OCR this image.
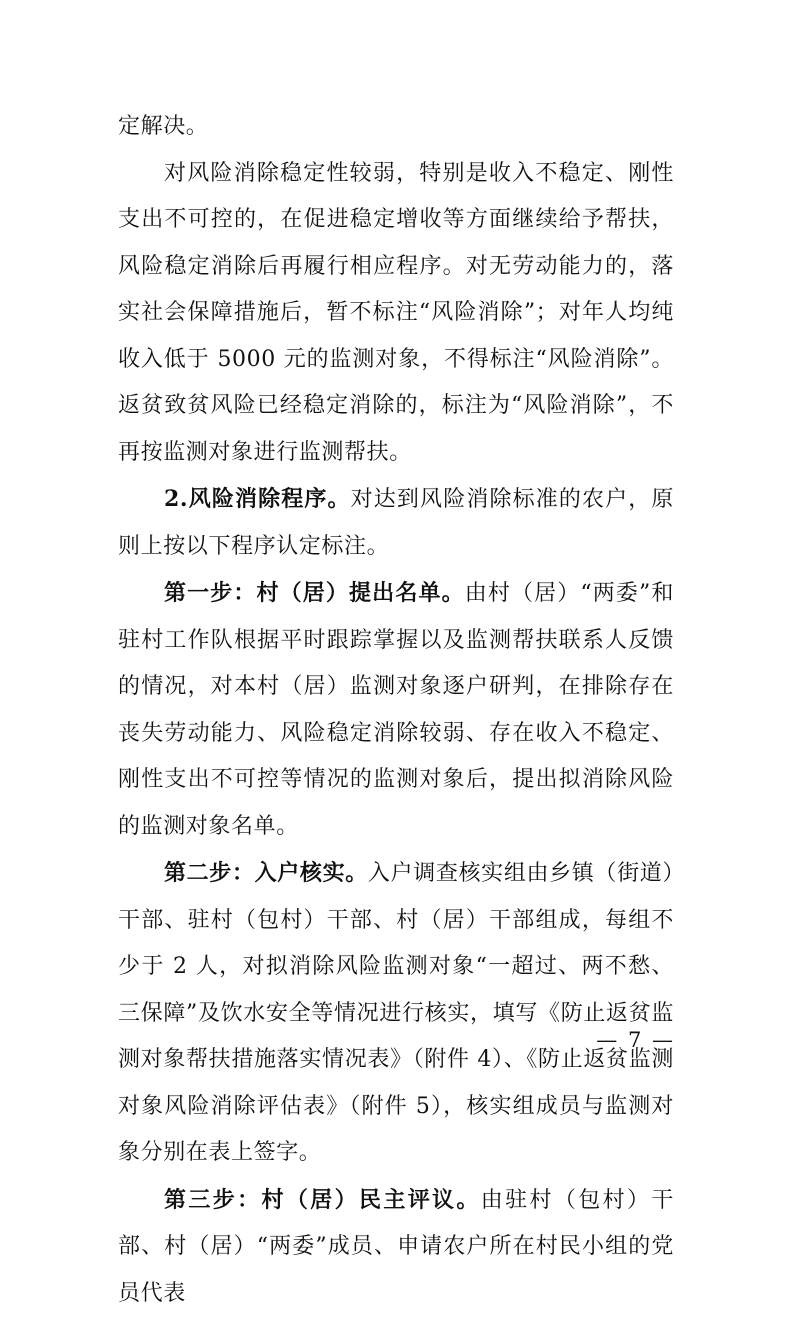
定解决。

对风险消除稳定性较弱，特别是收入不稳定、刚性支出不可控的，在促进稳定增收等方面继续给予帮扶，风险稳定消除后再履行相应程序。对无劳动能力的，落实社会保障措施后，暂不标注“风险消除”；对年人均纯收入低于 5000 元的监测对象，不得标注“风险消除”。返贫致贫风险已经稳定消除的，标注为“风险消除”，不再按监测对象进行监测帮扶。

2.风险消除程序。对达到风险消除标准的农户，原则上按以下程序认定标注。

第一步：村（居）提出名单。由村（居）“两委”和驻村工作队根据平时跟踪掌握以及监测帮扶联系人反馈的情况，对本村（居）监测对象逐户研判，在排除存在丧失劳动能力、风险稳定消除较弱、存在收入不稳定、刚性支出不可控等情况的监测对象后，提出拟消除风险的监测对象名单。

第二步：入户核实。入户调查核实组由乡镇（街道）干部、驻村（包村）干部、村（居）干部组成，每组不少于 2 人，对拟消除风险监测对象“一超过、两不愁、三保障”及饮水安全等情况进行核实，填写《防止返贫监测对象帮扶措施落实情况表》（附件 4）、《防止返贫监测对象风险消除评估表》（附件 5），核实组成员与监测对象分别在表上签字。

第三步：村（居）民主评议。由驻村（包村）干部、村（居）“两委”成员、申请农户所在村民小组的党员代表

— 7 —
